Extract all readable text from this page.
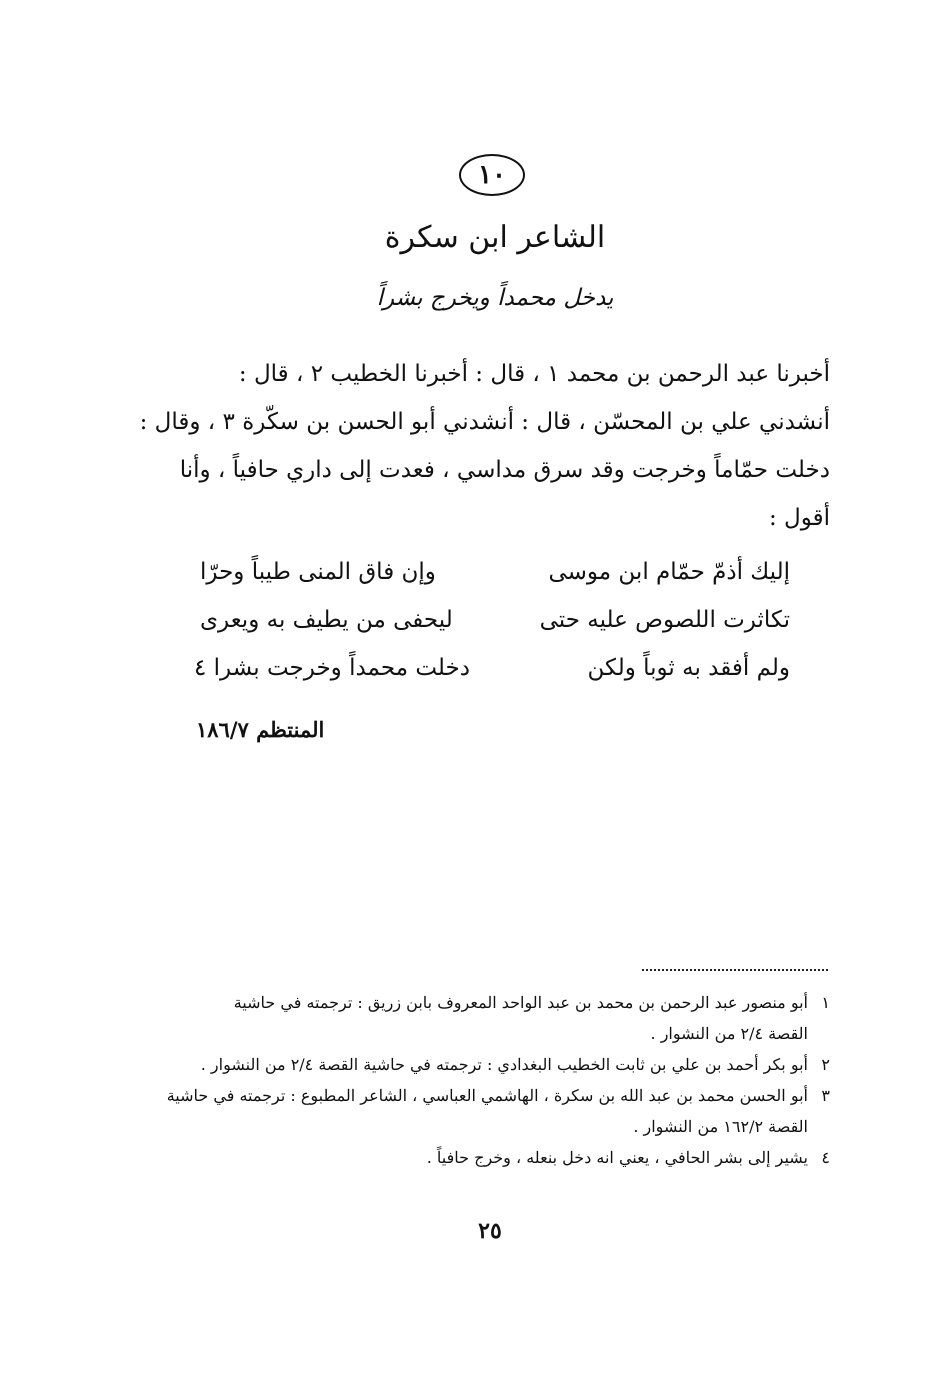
١٠
الشاعر ابن سكرة
يدخل محمداً ويخرج بشراً
أخبرنا عبد الرحمن بن محمد ١ ، قال : أخبرنا الخطيب ٢ ، قال :
أنشدني علي بن المحسّن ، قال : أنشدني أبو الحسن بن سكّرة ٣ ، وقال :
دخلت حمّاماً وخرجت وقد سرق مداسي ، فعدت إلى داري حافياً ، وأنا
أقول :
إليك أذمّ حمّام ابن موسى
وإن فاق المنى طيباً وحرّا
تكاثرت اللصوص عليه حتى
ليحفى من يطيف به ويعرى
ولم أفقد به ثوباً ولكن
دخلت محمداً وخرجت بشرا ٤
المنتظم ١٨٦/٧
١
أبو منصور عبد الرحمن بن محمد بن عبد الواحد المعروف بابن زريق : ترجمته في حاشية
القصة ٢/٤ من النشوار .
٢
أبو بكر أحمد بن علي بن ثابت الخطيب البغدادي : ترجمته في حاشية القصة ٢/٤ من النشوار .
٣
أبو الحسن محمد بن عبد الله بن سكرة ، الهاشمي العباسي ، الشاعر المطبوع : ترجمته في حاشية
القصة ١٦٢/٢ من النشوار .
٤
يشير إلى بشر الحافي ، يعني انه دخل بنعله ، وخرج حافياً .
٢٥
